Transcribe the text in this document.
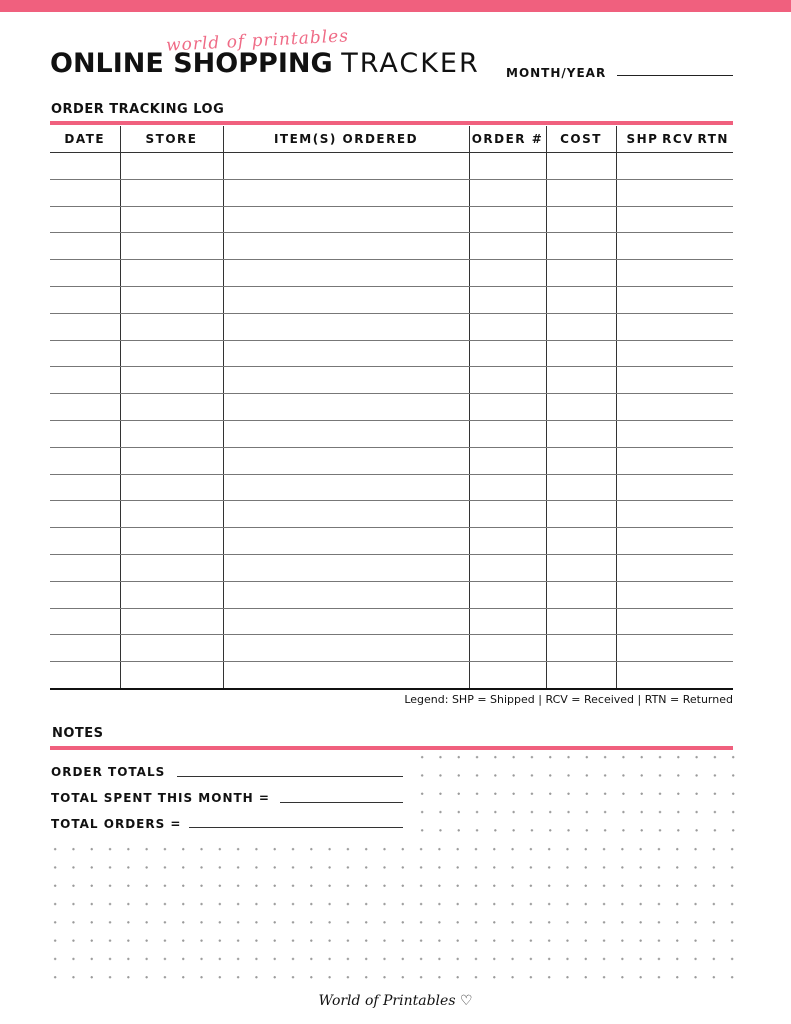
world of printables
ONLINE SHOPPING TRACKER MONTH/YEAR
ORDER TRACKING LOG
DATE	STORE	ITEM(S) ORDERED	ORDER #	COST	SHP RCV RTN

Legend: SHP = Shipped | RCV = Received | RTN = Returned
NOTES
ORDER TOTALS
TOTAL SPENT THIS MONTH =
TOTAL ORDERS =
World of Printables ♡
